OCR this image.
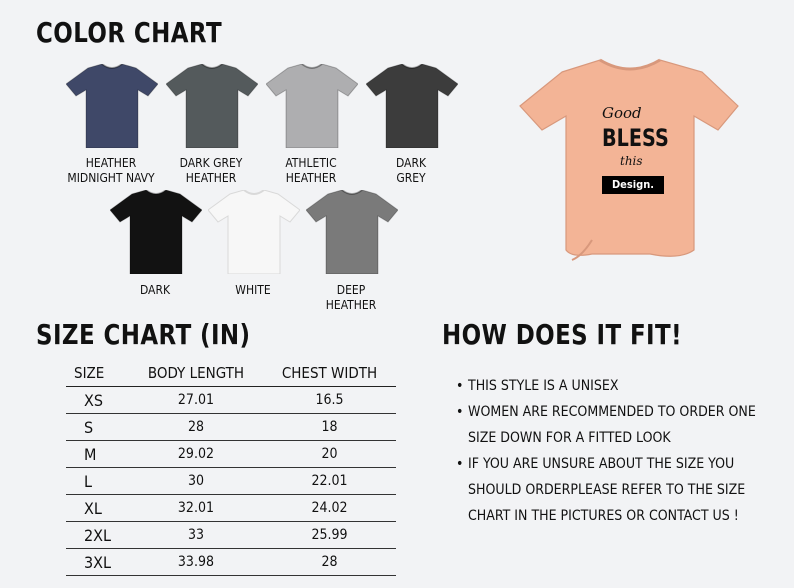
COLOR CHART
SIZE CHART (IN)	HOW DOES IT FIT!
HEATHER
MIDNIGHT NAVY
DARK GREY
HEATHER
ATHLETIC
HEATHER
DARK
GREY
DARK	WHITE	DEEP
HEATHER
Good
BLESS
this
Design.
SIZE	BODY LENGTH	CHEST WIDTH
XS	27.01	16.5
S	28	18
M	29.02	20
L	30	22.01
XL	32.01	24.02
2XL	33	25.99
3XL	33.98	28
• THIS STYLE IS A UNISEX
• WOMEN ARE RECOMMENDED TO ORDER ONE SIZE DOWN FOR A FITTED LOOK
• IF YOU ARE UNSURE ABOUT THE SIZE YOU SHOULD ORDERPLEASE REFER TO THE SIZE CHART IN THE PICTURES OR CONTACT US !
